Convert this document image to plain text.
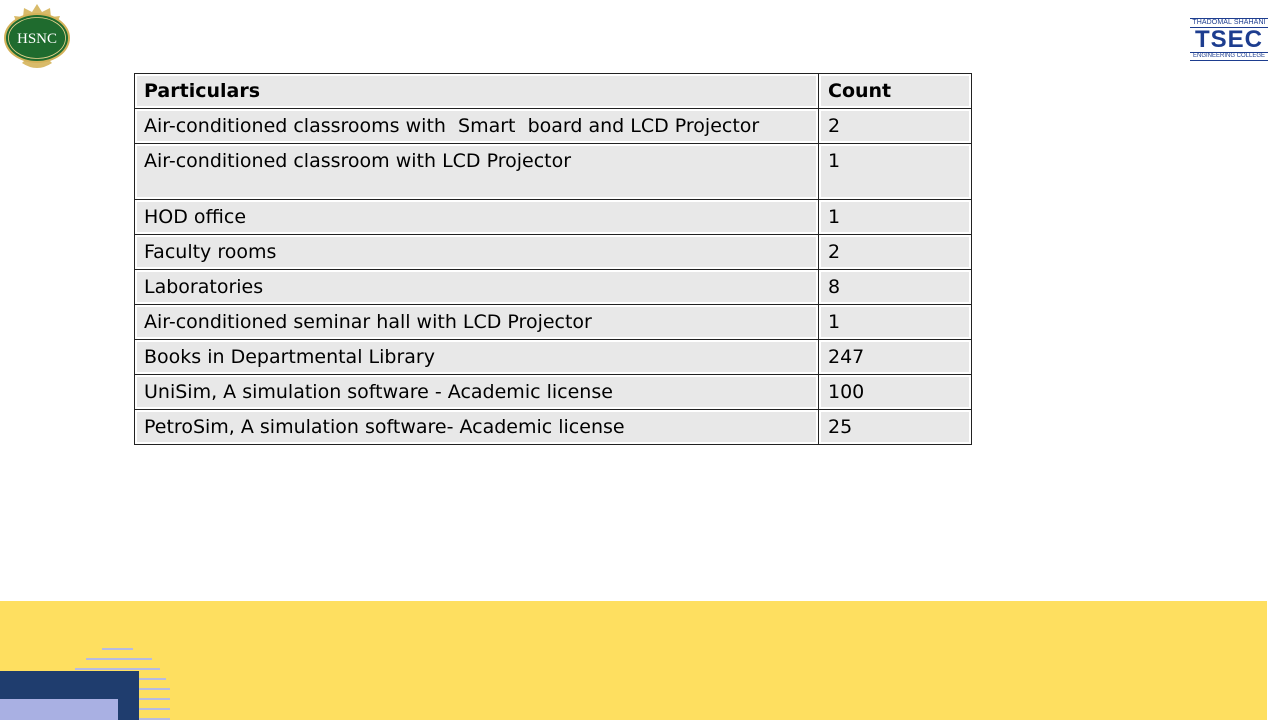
HSNC
THADOMAL SHAHANI
TSEC
ENGINEERING COLLEGE
Particulars	Count
Air-conditioned classrooms with  Smart  board and LCD Projector	2
Air-conditioned classroom with LCD Projector	1
HOD office	1
Faculty rooms	2
Laboratories	8
Air-conditioned seminar hall with LCD Projector	1
Books in Departmental Library	247
UniSim, A simulation software - Academic license	100
PetroSim, A simulation software- Academic license	25
